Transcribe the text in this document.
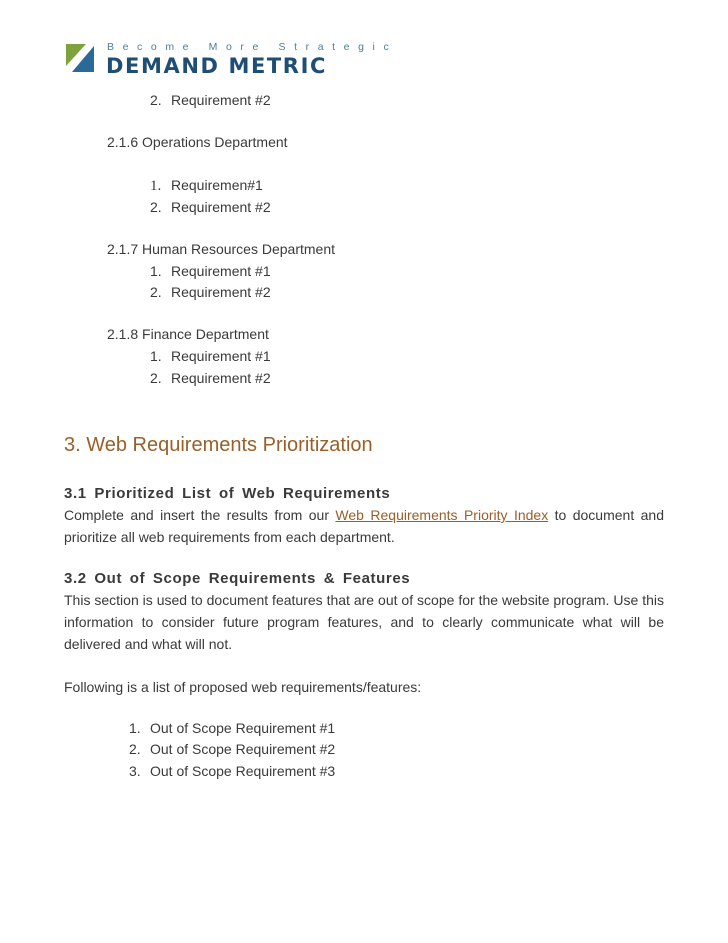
Become More Strategic
DEMAND METRIC
2. Requirement #2
2.1.6 Operations Department
1. Requiremen#1
2. Requirement #2
2.1.7 Human Resources Department
1. Requirement #1
2. Requirement #2
2.1.8 Finance Department
1. Requirement #1
2. Requirement #2
3. Web Requirements Prioritization
3.1 Prioritized List of Web Requirements
Complete and insert the results from our Web Requirements Priority Index to document and prioritize all web requirements from each department.
3.2 Out of Scope Requirements & Features
This section is used to document features that are out of scope for the website program. Use this information to consider future program features, and to clearly communicate what will be delivered and what will not.
Following is a list of proposed web requirements/features:
1. Out of Scope Requirement #1
2. Out of Scope Requirement #2
3. Out of Scope Requirement #3
